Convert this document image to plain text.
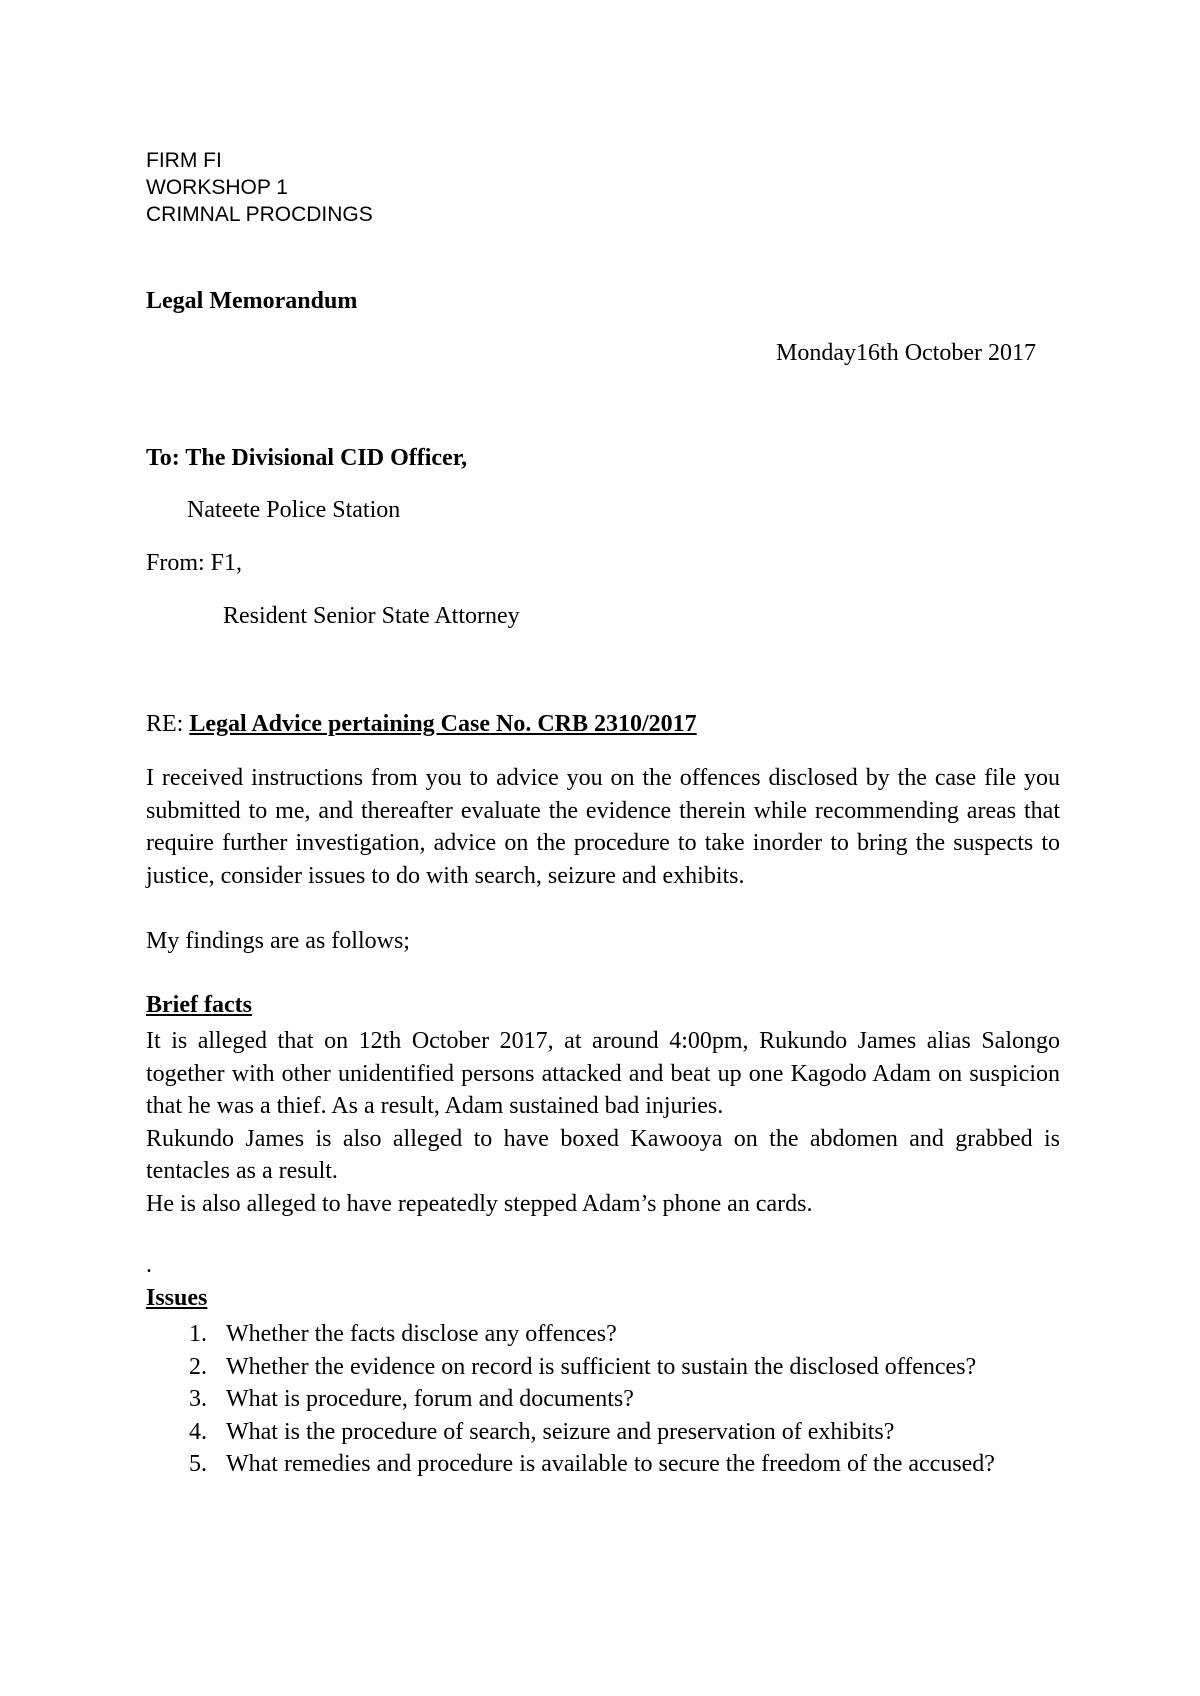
FIRM FI
WORKSHOP 1
CRIMNAL PROCDINGS
Legal Memorandum
Monday16th October 2017
To: The Divisional CID Officer,
Nateete Police Station
From: F1,
Resident Senior State Attorney
RE: Legal Advice pertaining Case No. CRB 2310/2017

I received instructions from you to advice you on the offences disclosed by the case file you submitted to me, and thereafter evaluate the evidence therein while recommending areas that require further investigation, advice on the procedure to take inorder to bring the suspects to justice, consider issues to do with search, seizure and exhibits.

My findings are as follows;

Brief facts

It is alleged that on 12th October 2017, at around 4:00pm, Rukundo James alias Salongo together with other unidentified persons attacked and beat up one Kagodo Adam on suspicion that he was a thief. As a result, Adam sustained bad injuries.

Rukundo James is also alleged to have boxed Kawooya on the abdomen and grabbed is tentacles as a result.

He is also alleged to have repeatedly stepped Adam’s phone an cards.

.
Issues
1. Whether the facts disclose any offences?
2. Whether the evidence on record is sufficient to sustain the disclosed offences?
3. What is procedure, forum and documents?
4. What is the procedure of search, seizure and preservation of exhibits?
5. What remedies and procedure is available to secure the freedom of the accused?
